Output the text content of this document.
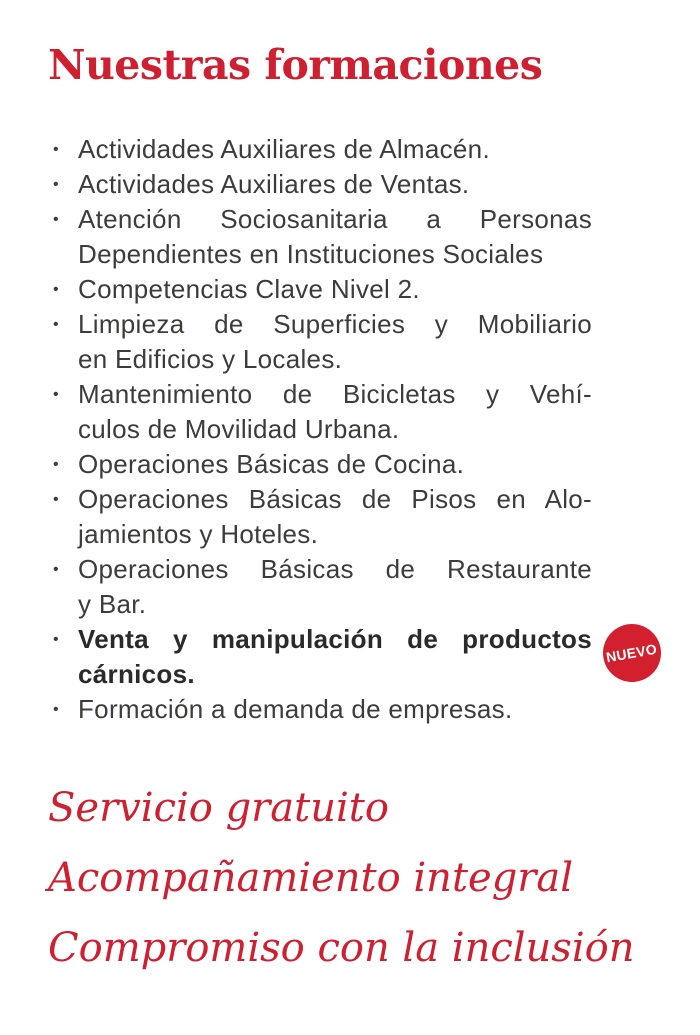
Nuestras formaciones
• Actividades Auxiliares de Almacén.
• Actividades Auxiliares de Ventas.
• Atención Sociosanitaria a Personas
Dependientes en Instituciones Sociales
• Competencias Clave Nivel 2.
• Limpieza de Superficies y Mobiliario
en Edificios y Locales.
• Mantenimiento de Bicicletas y Vehí-
culos de Movilidad Urbana.
• Operaciones Básicas de Cocina.
• Operaciones Básicas de Pisos en Alo-
jamientos y Hoteles.
• Operaciones Básicas de Restaurante
y Bar.
• Venta y manipulación de productos
cárnicos.
NUEVO
• Formación a demanda de empresas.
Servicio gratuito
Acompañamiento integral
Compromiso con la inclusión
